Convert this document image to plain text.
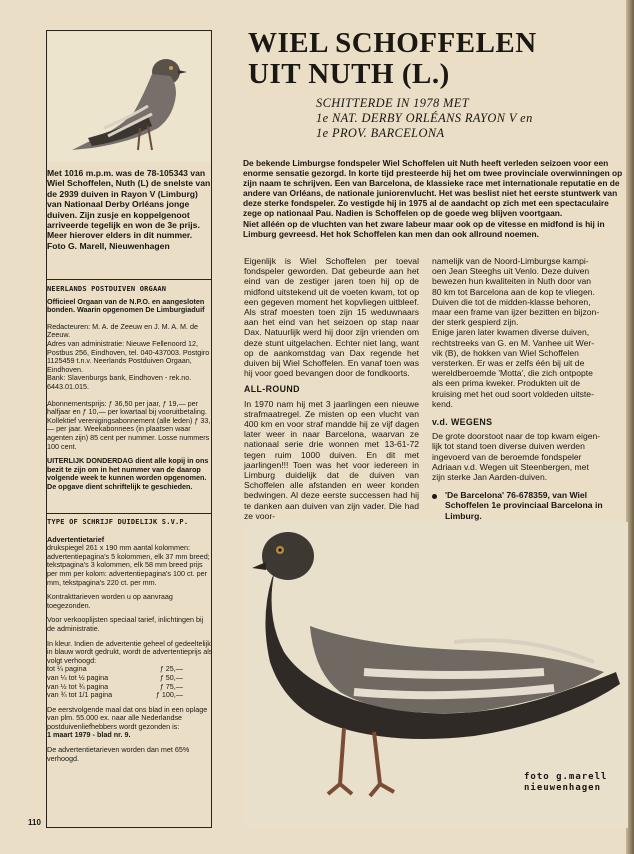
Met 1016 m.p.m. was de 78-105343 van Wiel Schoffelen, Nuth (L) de snelste van de 2939 duiven in Rayon V (Limburg) van Nationaal Derby Orléans jonge duiven. Zijn zusje en koppelgenoot arriveerde tegelijk en won de 3e prijs. Meer hierover elders in dit nummer. Foto G. Marell, Nieuwenhagen
NEERLANDS POSTDUIVEN ORGAAN

Officieel Orgaan van de N.P.O. en aangesloten bonden. Waarin opgenomen De Limburgiaduif

Redacteuren: M. A. de Zeeuw en J. M. A. M. de Zeeuw.

Adres van administratie: Nieuwe Fellenoord 12, Postbus 256, Eindhoven, tel. 040-437003. Postgiro 1125459 t.n.v. Neerlands Postduiven Orgaan, Eindhoven.

Bank: Slavenburgs bank, Eindhoven - rek.no. 6443.01.015.

Abonnementsprijs: ƒ 36,50 per jaar, ƒ 19,— per halfjaar en ƒ 10,— per kwartaal bij vooruitbetaling. Kollektief verenigingsabonnement (alle leden) ƒ 33,— per jaar. Weekabonnees (in plaatsen waar agenten zijn) 85 cent per nummer. Losse nummers 100 cent.

UITERLIJK DONDERDAG dient alle kopij in ons bezit te zijn om in het nummer van de daarop volgende week te kunnen worden opgenomen. De opgave dient schriftelijk te geschieden.

TYPE OF SCHRIJF DUIDELIJK S.V.P.

Advertentietarief

drukspiegel 261 x 190 mm aantal kolommen: advertentiepagina's 5 kolommen, elk 37 mm breed; tekstpagina's 3 kolommen, elk 58 mm breed prijs per mm per kolom: advertentiepagina's 100 ct. per mm, tekstpagina's 220 ct. per mm.

Kontrakttarieven worden u op aanvraag toegezonden.

Voor verkooplijsten speciaal tarief, inlichtingen bij de administratie.

In kleur. Indien de advertentie geheel of gedeeltelijk in blauw wordt gedrukt, wordt de advertentieprijs als volgt verhoogd:

tot ¼ pagina	ƒ 25,—
van ¼ tot ½ pagina	ƒ 50,—
van ½ tot ¾ pagina	ƒ 75,—
van ¾ tot 1/1 pagina	ƒ 100,—

De eerstvolgende maal dat ons blad in een oplage van plm. 55.000 ex. naar alle Nederlandse postduivenliefhebbers wordt gezonden is:

1 maart 1979 - blad nr. 9.

De advertentietarieven worden dan met 65% verhoogd.

WIEL SCHOFFELEN
UIT NUTH (L.)
SCHITTERDE IN 1978 MET
1e NAT. DERBY ORLÉANS RAYON V en
1e PROV. BARCELONA
De bekende Limburgse fondspeler Wiel Schoffelen uit Nuth heeft verleden seizoen voor een
enorme sensatie gezorgd. In korte tijd presteerde hij het om twee provinciale overwinningen op
zijn naam te schrijven. Een van Barcelona, de klassieke race met internationale reputatie en de
andere van Orléans, de nationale juniorenvlucht. Het was beslist niet het eerste stuntwerk van
deze sterke fondspeler. Zo vestigde hij in 1975 al de aandacht op zich met een spectaculaire
zege op nationaal Pau. Nadien is Schoffelen op de goede weg blijven voortgaan.
Niet alléén op de vluchten van het zware labeur maar ook op de vitesse en midfond is hij in
Limburg gevreesd. Het hok Schoffelen kan men dan ook allround noemen.

Eigenlijk is Wiel Schoffelen per toeval fondspeler geworden. Dat gebeurde aan het eind van de zestiger jaren toen hij op de midfond uitstekend uit de voeten kwam, tot op een gegeven moment het kopvliegen uitbleef. Als straf moesten toen zijn 15 weduwnaars aan het eind van het seizoen op stap naar Dax. Natuurlijk werd hij door zijn vrienden om deze stunt uitgelachen. Echter niet lang, want op de aankomstdag van Dax regende het duiven bij Wiel Schoffelen. En vanaf toen was hij voor goed bevangen door de fondkoorts.

ALL-ROUND

In 1970 nam hij met 3 jaarlingen een nieuwe strafmaatregel. Ze misten op een vlucht van 400 km en voor straf mandde hij ze vijf dagen later weer in naar Barcelona, waarvan ze nationaal serie drie wonnen met 13-61-72 tegen ruim 1000 duiven. En dit met jaarlingen!!! Toen was het voor iedereen in Limburg duidelijk dat de duiven van Schoffelen alle afstanden en weer konden bedwingen. Al deze eerste successen had hij te danken aan duiven van zijn vader. Die had ze voor-

namelijk van de Noord-Limburgse kampi-
oen Jean Steeghs uit Venlo. Deze duiven
bewezen hun kwaliteiten in Nuth door van
80 km tot Barcelona aan de kop te vliegen.
Duiven die tot de midden-klasse behoren,
maar een frame van ijzer bezitten en bijzon-
der sterk gespierd zijn.
Enige jaren later kwamen diverse duiven,
rechtstreeks van G. en M. Vanhee uit Wer-
vik (B), de hokken van Wiel Schoffelen
versterken. Er was er zelfs één bij uit de
wereldberoemde 'Motta', die zich ontpopte
als een prima kweker. Produkten uit de
kruising met het oud soort voldeden uitste-
kend.
v.d. WEGENS
De grote doorstoot naar de top kwam eigen-
lijk tot stand toen diverse duiven werden
ingevoerd van de beroemde fondspeler
Adriaan v.d. Wegen uit Steenbergen, met
zijn sterke Jan Aarden-duiven.
'De Barcelona' 76-678359, van Wiel
Schoffelen 1e provinciaal Barcelona in
Limburg.
foto g.marell
nieuwenhagen
110
